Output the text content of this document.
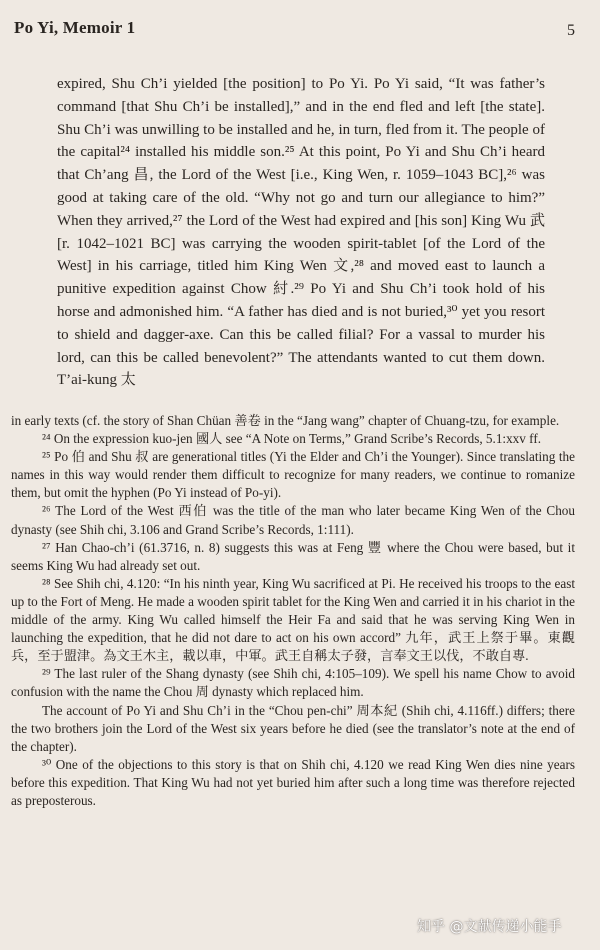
Po Yi, Memoir 1	5

expired, Shu Ch’i yielded [the position] to Po Yi. Po Yi said, “It was father’s command [that Shu Ch’i be installed],” and in the end fled and left [the state]. Shu Ch’i was unwilling to be installed and he, in turn, fled from it. The people of the capital²⁴ installed his middle son.²⁵ At this point, Po Yi and Shu Ch’i heard that Ch’ang 昌, the Lord of the West [i.e., King Wen, r. 1059–1043 BC],²⁶ was good at taking care of the old. “Why not go and turn our allegiance to him?” When they arrived,²⁷ the Lord of the West had expired and [his son] King Wu 武 [r. 1042–1021 BC] was carrying the wooden spirit-tablet [of the Lord of the West] in his carriage, titled him King Wen 文,²⁸ and moved east to launch a punitive expedition against Chow 紂.²⁹ Po Yi and Shu Ch’i took hold of his horse and admonished him. “A father has died and is not buried,³⁰ yet you resort to shield and dagger-axe. Can this be called filial? For a vassal to murder his lord, can this be called benevolent?” The attendants wanted to cut them down. T’ai-kung 太

in early texts (cf. the story of Shan Chüan 善卷 in the “Jang wang” chapter of Chuang-tzu, for example.

²⁴ On the expression kuo-jen 國人 see “A Note on Terms,” Grand Scribe’s Records, 5.1:xxv ff.

²⁵ Po 伯 and Shu 叔 are generational titles (Yi the Elder and Ch’i the Younger). Since translating the names in this way would render them difficult to recognize for many readers, we continue to romanize them, but omit the hyphen (Po Yi instead of Po-yi).

²⁶ The Lord of the West 西伯 was the title of the man who later became King Wen of the Chou dynasty (see Shih chi, 3.106 and Grand Scribe’s Records, 1:111).

²⁷ Han Chao-ch’i (61.3716, n. 8) suggests this was at Feng 豐 where the Chou were based, but it seems King Wu had already set out.

²⁸ See Shih chi, 4.120: “In his ninth year, King Wu sacrificed at Pi. He received his troops to the east up to the Fort of Meng. He made a wooden spirit tablet for the King Wen and carried it in his chariot in the middle of the army. King Wu called himself the Heir Fa and said that he was serving King Wen in launching the expedition, that he did not dare to act on his own accord” 九年，武王上祭于畢。東觀兵，至于盟津。為文王木主，載以車，中軍。武王自稱太子發，言奉文王以伐，不敢自專.

²⁹ The last ruler of the Shang dynasty (see Shih chi, 4:105–109). We spell his name Chow to avoid confusion with the name the Chou 周 dynasty which replaced him.

The account of Po Yi and Shu Ch’i in the “Chou pen-chi” 周本紀 (Shih chi, 4.116ff.) differs; there the two brothers join the Lord of the West six years before he died (see the translator’s note at the end of the chapter).

³⁰ One of the objections to this story is that on Shih chi, 4.120 we read King Wen dies nine years before this expedition. That King Wu had not yet buried him after such a long time was therefore rejected as preposterous.

知乎 @文献传递小能手
